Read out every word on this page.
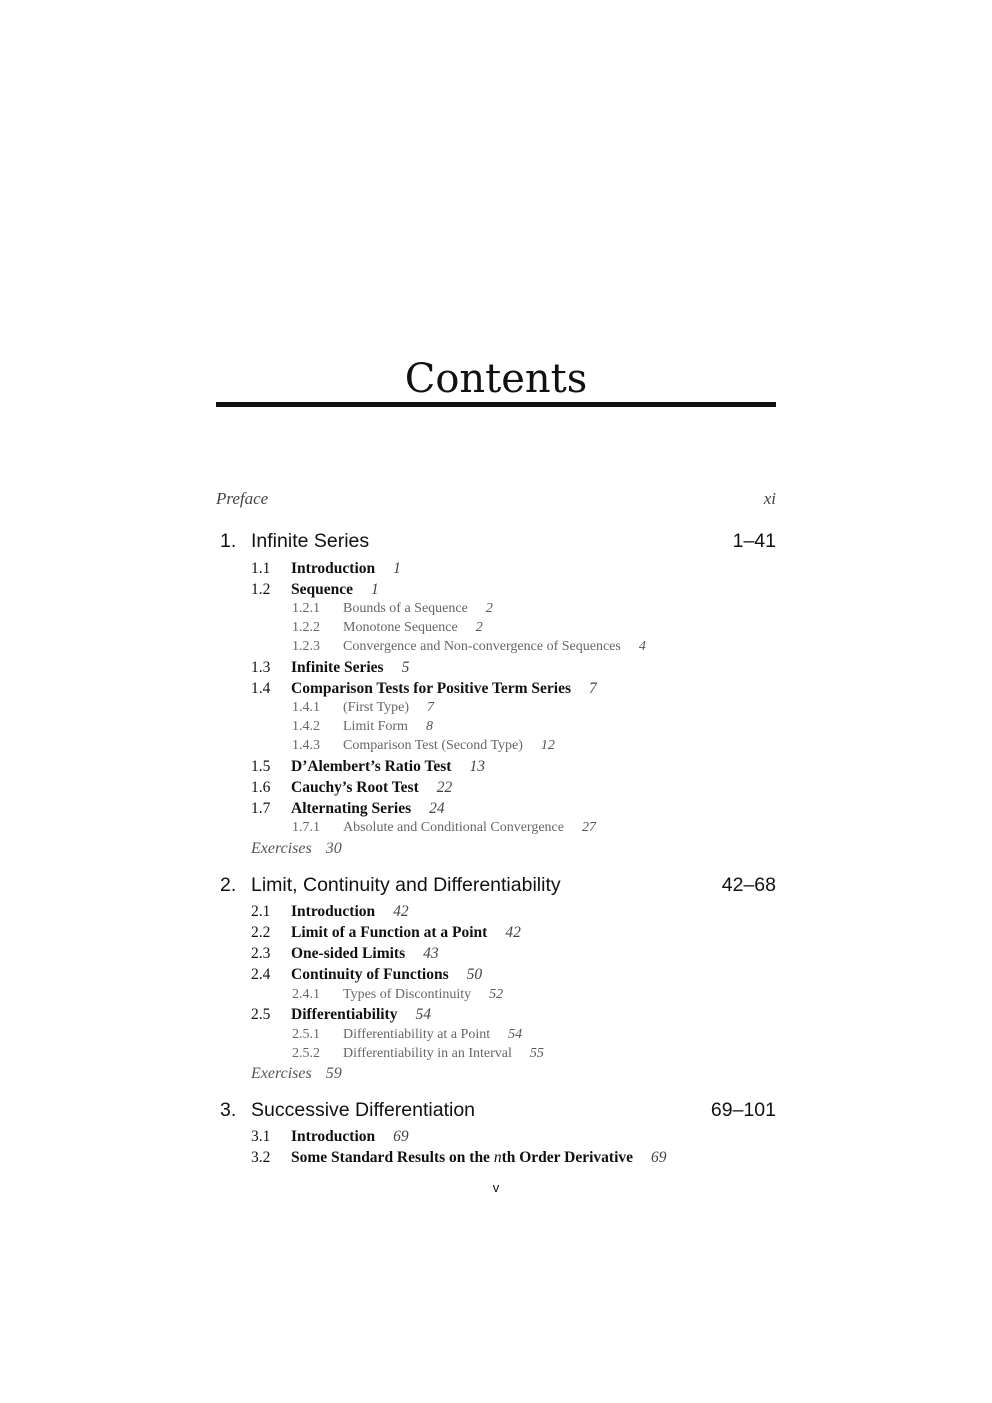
Contents
Preface	xi
1. Infinite Series	1–41
1.1 Introduction 1
1.2 Sequence 1
1.2.1 Bounds of a Sequence 2
1.2.2 Monotone Sequence 2
1.2.3 Convergence and Non-convergence of Sequences 4
1.3 Infinite Series 5
1.4 Comparison Tests for Positive Term Series 7
1.4.1 (First Type) 7
1.4.2 Limit Form 8
1.4.3 Comparison Test (Second Type) 12
1.5 D’Alembert’s Ratio Test 13
1.6 Cauchy’s Root Test 22
1.7 Alternating Series 24
1.7.1 Absolute and Conditional Convergence 27
Exercises 30
2. Limit, Continuity and Differentiability	42–68
2.1 Introduction 42
2.2 Limit of a Function at a Point 42
2.3 One-sided Limits 43
2.4 Continuity of Functions 50
2.4.1 Types of Discontinuity 52
2.5 Differentiability 54
2.5.1 Differentiability at a Point 54
2.5.2 Differentiability in an Interval 55
Exercises 59
3. Successive Differentiation	69–101
3.1 Introduction 69
3.2 Some Standard Results on the nth Order Derivative 69
v
